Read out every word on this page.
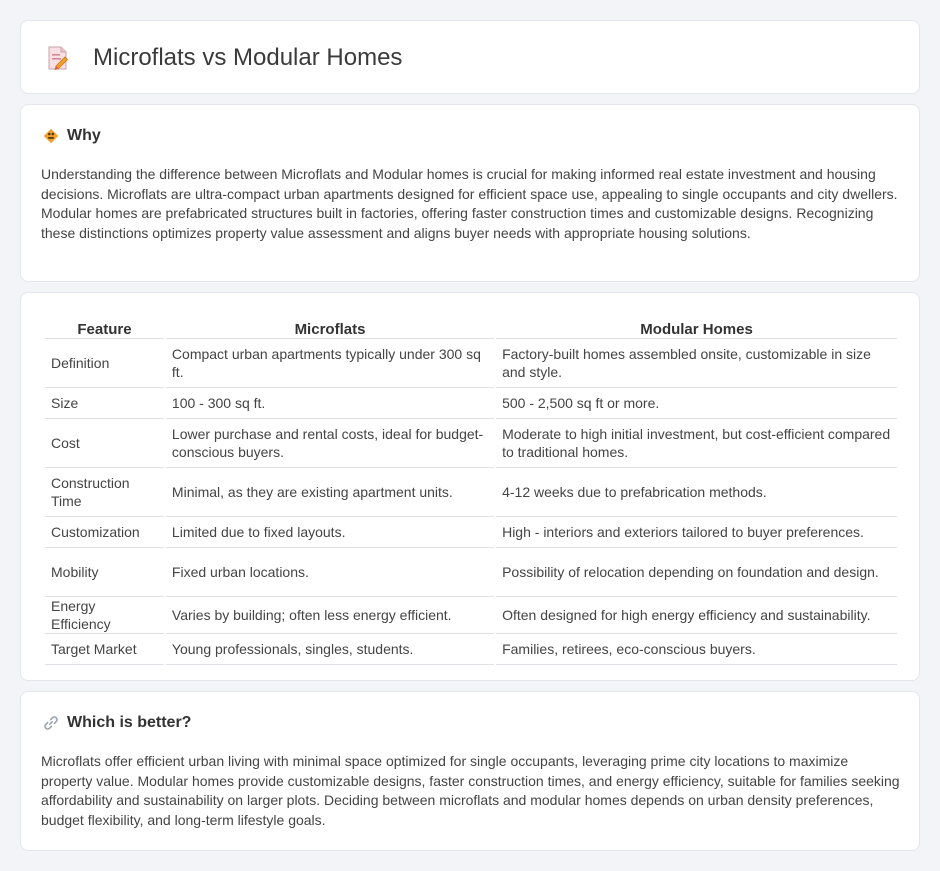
Microflats vs Modular Homes
Why

Understanding the difference between Microflats and Modular homes is crucial for making informed real estate investment and housing decisions. Microflats are ultra-compact urban apartments designed for efficient space use, appealing to single occupants and city dwellers. Modular homes are prefabricated structures built in factories, offering faster construction times and customizable designs. Recognizing these distinctions optimizes property value assessment and aligns buyer needs with appropriate housing solutions.

Feature	Microflats	Modular Homes
Definition	Compact urban apartments typically under 300 sq ft.	Factory-built homes assembled onsite, customizable in size and style.
Size	100 - 300 sq ft.	500 - 2,500 sq ft or more.
Cost	Lower purchase and rental costs, ideal for budget-conscious buyers.	Moderate to high initial investment, but cost-efficient compared to traditional homes.
Construction Time	Minimal, as they are existing apartment units.	4-12 weeks due to prefabrication methods.
Customization	Limited due to fixed layouts.	High - interiors and exteriors tailored to buyer preferences.
Mobility	Fixed urban locations.	Possibility of relocation depending on foundation and design.
Energy Efficiency	Varies by building; often less energy efficient.	Often designed for high energy efficiency and sustainability.
Target Market	Young professionals, singles, students.	Families, retirees, eco-conscious buyers.
Which is better?

Microflats offer efficient urban living with minimal space optimized for single occupants, leveraging prime city locations to maximize property value. Modular homes provide customizable designs, faster construction times, and energy efficiency, suitable for families seeking affordability and sustainability on larger plots. Deciding between microflats and modular homes depends on urban density preferences, budget flexibility, and long-term lifestyle goals.
